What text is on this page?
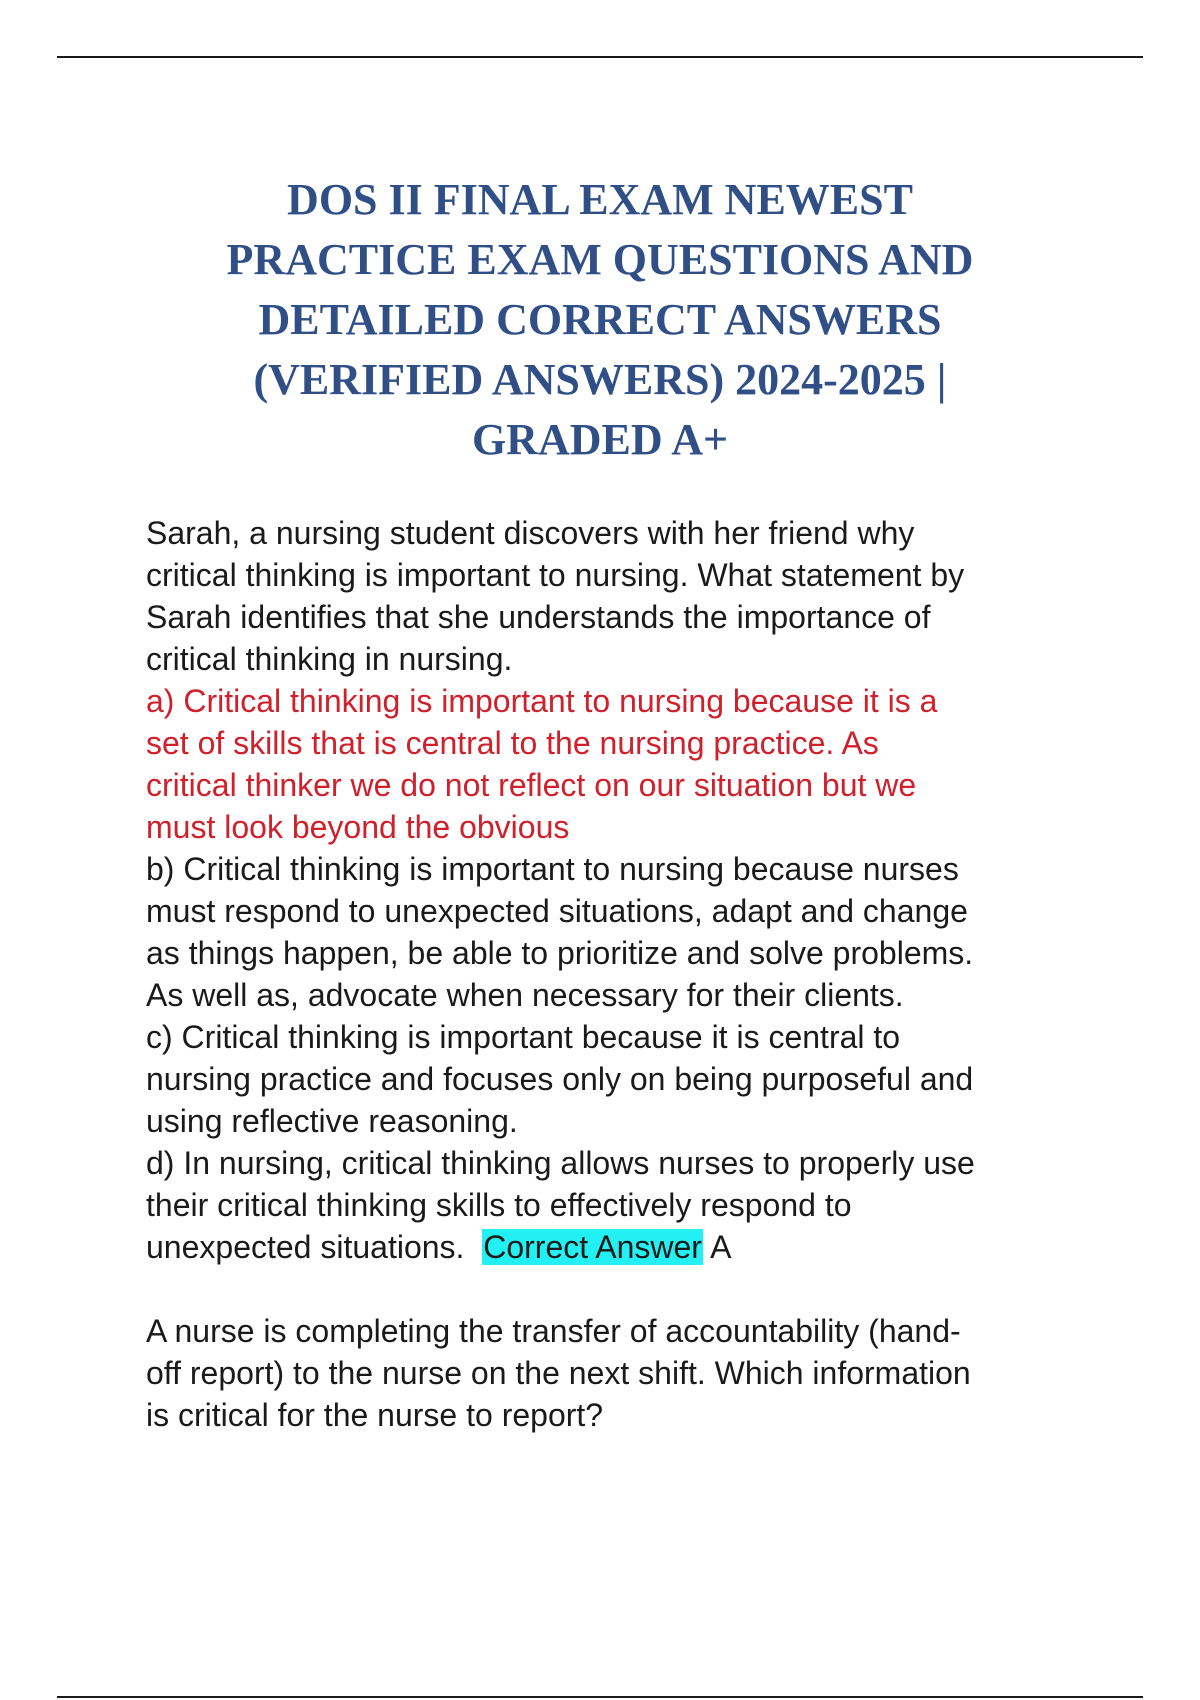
DOS II FINAL EXAM NEWEST
PRACTICE EXAM QUESTIONS AND
DETAILED CORRECT ANSWERS
(VERIFIED ANSWERS) 2024-2025 |
GRADED A+

Sarah, a nursing student discovers with her friend why
critical thinking is important to nursing. What statement by
Sarah identifies that she understands the importance of
critical thinking in nursing.

a) Critical thinking is important to nursing because it is a
set of skills that is central to the nursing practice. As
critical thinker we do not reflect on our situation but we
must look beyond the obvious

b) Critical thinking is important to nursing because nurses
must respond to unexpected situations, adapt and change
as things happen, be able to prioritize and solve problems.
As well as, advocate when necessary for their clients.

c) Critical thinking is important because it is central to
nursing practice and focuses only on being purposeful and
using reflective reasoning.

d) In nursing, critical thinking allows nurses to properly use
their critical thinking skills to effectively respond to
unexpected situations. Correct Answer A

A nurse is completing the transfer of accountability (hand-
off report) to the nurse on the next shift. Which information
is critical for the nurse to report?
